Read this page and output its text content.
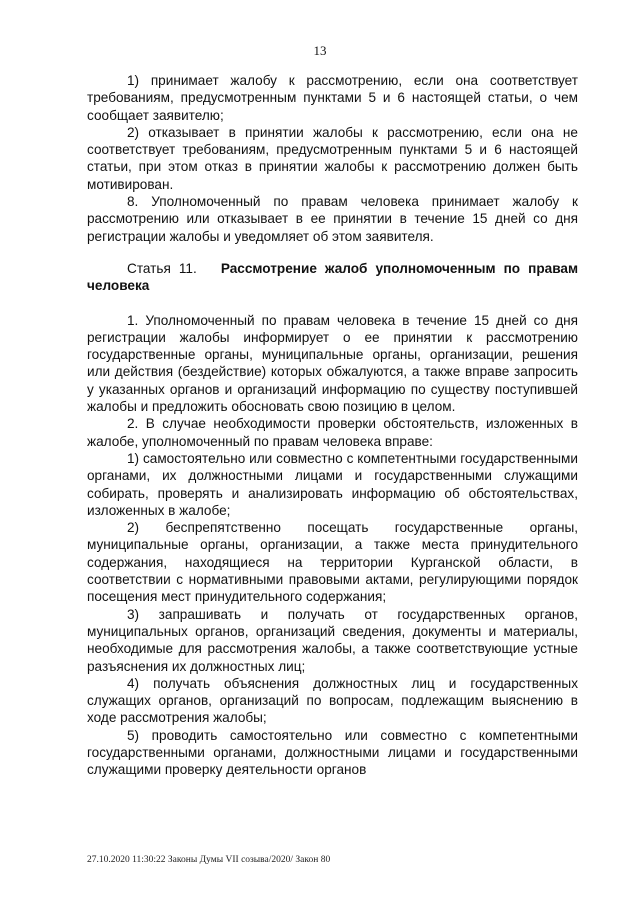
13

1) принимает жалобу к рассмотрению, если она соответствует требованиям, предусмотренным пунктами 5 и 6 настоящей статьи, о чем сообщает заявителю;

2) отказывает в принятии жалобы к рассмотрению, если она не соответствует требованиям, предусмотренным пунктами 5 и 6 настоящей статьи, при этом отказ в принятии жалобы к рассмотрению должен быть мотивирован.

8. Уполномоченный по правам человека принимает жалобу к рассмотрению или отказывает в ее принятии в течение 15 дней со дня регистрации жалобы и уведомляет об этом заявителя.

Статья 11. Рассмотрение жалоб уполномоченным по правам человека

1. Уполномоченный по правам человека в течение 15 дней со дня регистрации жалобы информирует о ее принятии к рассмотрению государственные органы, муниципальные органы, организации, решения или действия (бездействие) которых обжалуются, а также вправе запросить у указанных органов и организаций информацию по существу поступившей жалобы и предложить обосновать свою позицию в целом.

2. В случае необходимости проверки обстоятельств, изложенных в жалобе, уполномоченный по правам человека вправе:

1) самостоятельно или совместно с компетентными государственными органами, их должностными лицами и государственными служащими собирать, проверять и анализировать информацию об обстоятельствах, изложенных в жалобе;

2) беспрепятственно посещать государственные органы, муниципальные органы, организации, а также места принудительного содержания, находящиеся на территории Курганской области, в соответствии с нормативными правовыми актами, регулирующими порядок посещения мест принудительного содержания;

3) запрашивать и получать от государственных органов, муниципальных органов, организаций сведения, документы и материалы, необходимые для рассмотрения жалобы, а также соответствующие устные разъяснения их должностных лиц;

4) получать объяснения должностных лиц и государственных служащих органов, организаций по вопросам, подлежащим выяснению в ходе рассмотрения жалобы;

5) проводить самостоятельно или совместно с компетентными государственными органами, должностными лицами и государственными служащими проверку деятельности органов

27.10.2020 11:30:22 Законы Думы VII созыва/2020/ Закон 80
